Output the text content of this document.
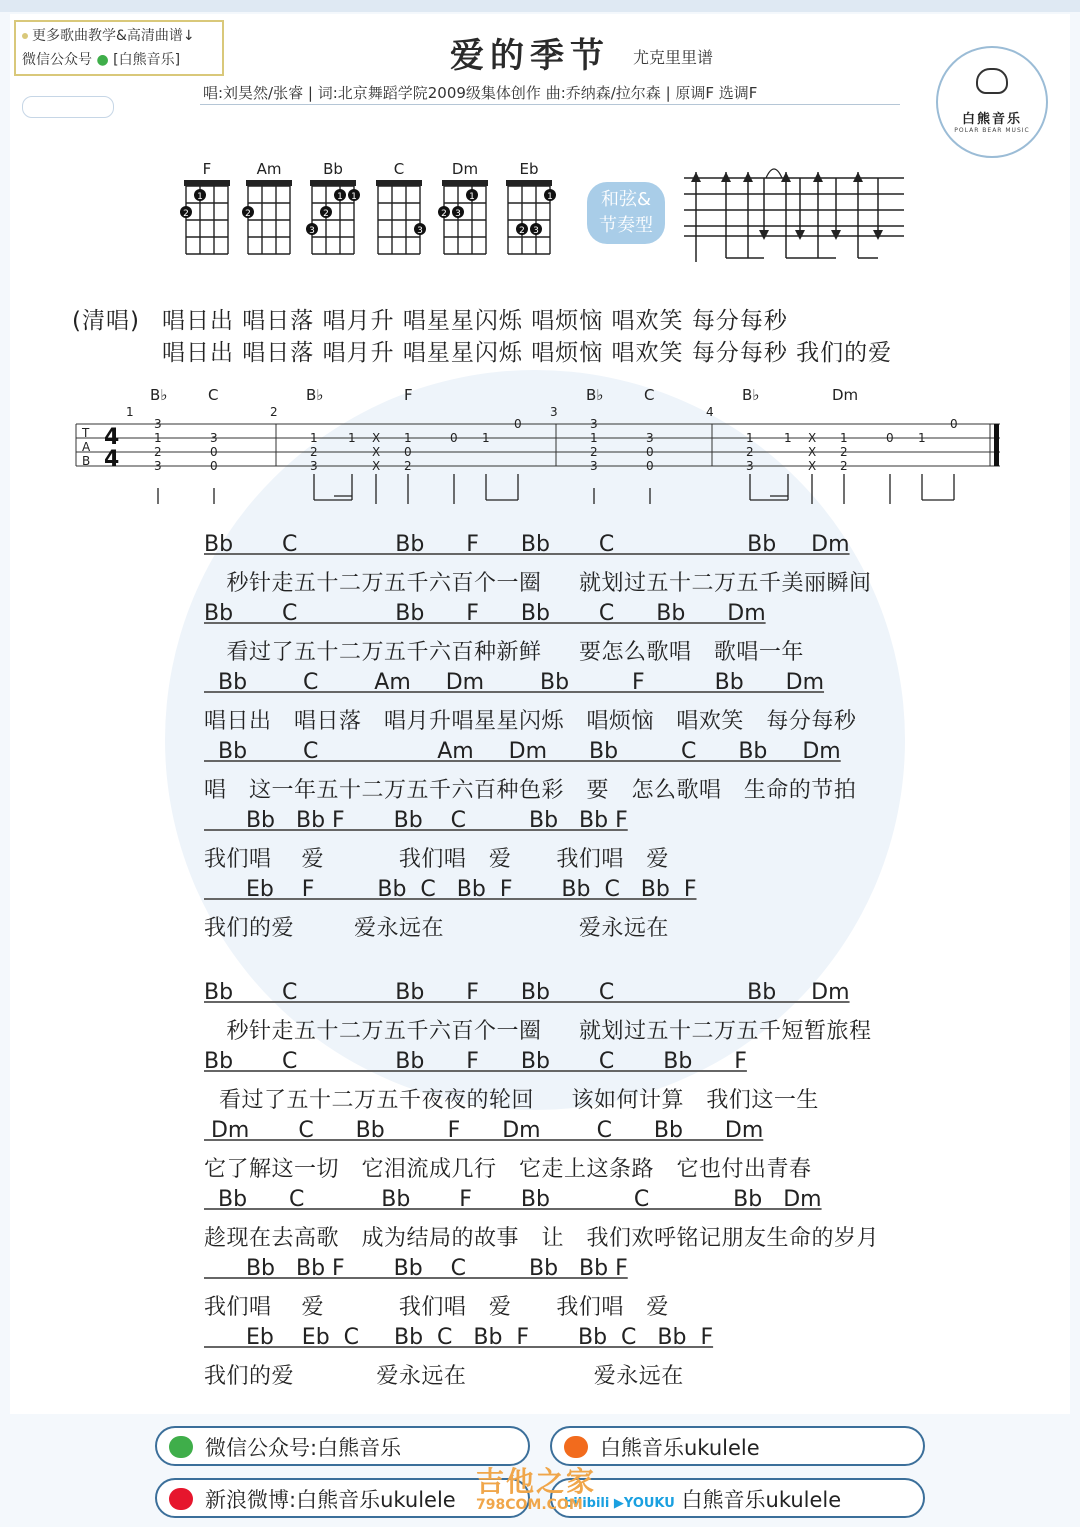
更多歌曲教学&高清曲谱↓
微信公众号 ● [白熊音乐]	爱的季节 尤克里里谱
唱:刘昊然/张睿 | 词:北京舞蹈学院2009级集体创作 曲:乔纳森/拉尔森 | 原调F 选调F
白熊音乐
POLAR BEAR MUSIC
F
2
1
Am
2
Bb
3
2
1 1
C
3
Dm
2 3
1
Eb
2 3
1	和弦&
节奏型
(清唱) 唱日出 唱日落 唱月升 唱星星闪烁 唱烦恼 唱欢笑 每分每秒
唱日出 唱日落 唱月升 唱星星闪烁 唱烦恼 唱欢笑 每分每秒 我们的爱
B♭	C	B♭	F	B♭	C	B♭	Dm
1	2	3	4
T
A
B
4
4
3
1
2
3
3
0
0
1
2
3
1 X
X
X
1
0
2
0 1
0	3
1
2
3
3
0
0
1
2
3
1 X
X
X
1
2
2
0 1
0
Bb       C              Bb      F      Bb       C                   Bb     Dm
秒针走五十二万五千六百个一圈     就划过五十二万五千美丽瞬间
Bb       C              Bb      F      Bb       C      Bb      Dm
看过了五十二万五千六百种新鲜     要怎么歌唱   歌唱一年
Bb        C        Am     Dm        Bb         F          Bb      Dm
唱日出   唱日落   唱月升唱星星闪烁   唱烦恼   唱欢笑   每分每秒
Bb        C                 Am     Dm      Bb         C      Bb     Dm
唱   这一年五十二万五千六百种色彩   要   怎么歌唱   生命的节拍
Bb   Bb F       Bb    C         Bb   Bb F
我们唱    爱          我们唱   爱      我们唱   爱
Eb    F         Bb  C   Bb  F       Bb  C   Bb  F
我们的爱        爱永远在                  爱永远在
Bb       C              Bb      F      Bb       C                   Bb     Dm
秒针走五十二万五千六百个一圈     就划过五十二万五千短暂旅程
Bb       C              Bb      F      Bb       C       Bb      F
看过了五十二万五千夜夜的轮回     该如何计算   我们这一生
Dm       C      Bb         F      Dm        C      Bb      Dm
它了解这一切   它泪流成几行   它走上这条路   它也付出青春
Bb      C           Bb       F       Bb            C            Bb   Dm
趁现在去高歌   成为结局的故事   让   我们欢呼铭记朋友生命的岁月
Bb   Bb F       Bb    C         Bb   Bb F
我们唱    爱          我们唱   爱      我们唱   爱
Eb    Eb  C     Bb  C   Bb  F       Bb  C   Bb  F
我们的爱           爱永远在                 爱永远在
微信公众号:白熊音乐	白熊音乐ukulele
新浪微博:白熊音乐ukulele	bilibili ▶YOUKU 白熊音乐ukulele
吉他之家
798COM.COM
